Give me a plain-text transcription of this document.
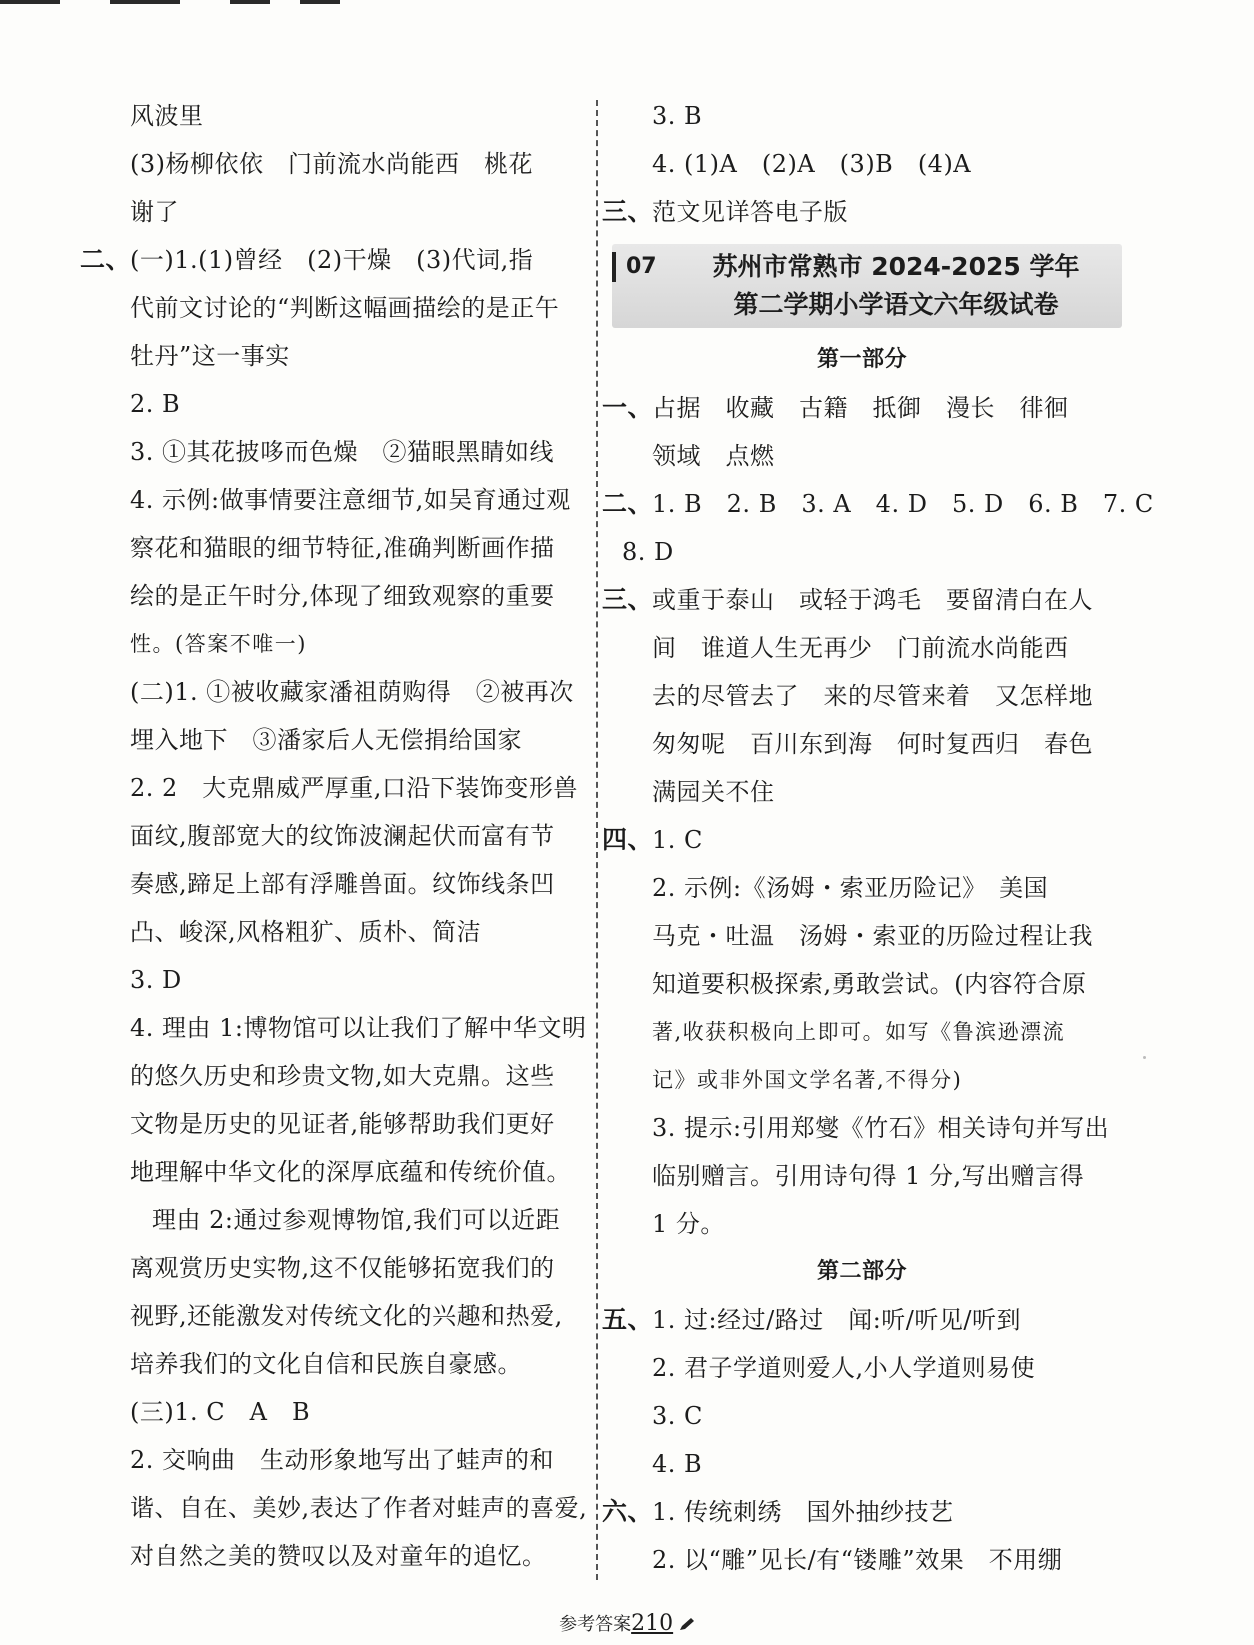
风波里
(3)杨柳依依　门前流水尚能西　桃花
谢了
二、(一)1.(1)曾经　(2)干燥　(3)代词,指
代前文讨论的“判断这幅画描绘的是正午
牡丹”这一事实
2. B
3. ①其花披哆而色燥　②猫眼黑睛如线
4. 示例:做事情要注意细节,如吴育通过观
察花和猫眼的细节特征,准确判断画作描
绘的是正午时分,体现了细致观察的重要
性。(答案不唯一)
(二)1. ①被收藏家潘祖荫购得　②被再次
埋入地下　③潘家后人无偿捐给国家
2. 2　大克鼎威严厚重,口沿下装饰变形兽
面纹,腹部宽大的纹饰波澜起伏而富有节
奏感,蹄足上部有浮雕兽面。纹饰线条凹
凸、峻深,风格粗犷、质朴、简洁
3. D
4. 理由 1:博物馆可以让我们了解中华文明
的悠久历史和珍贵文物,如大克鼎。这些
文物是历史的见证者,能够帮助我们更好
地理解中华文化的深厚底蕴和传统价值。
理由 2:通过参观博物馆,我们可以近距
离观赏历史实物,这不仅能够拓宽我们的
视野,还能激发对传统文化的兴趣和热爱,
培养我们的文化自信和民族自豪感。
(三)1. C　A　B
2. 交响曲　生动形象地写出了蛙声的和
谐、自在、美妙,表达了作者对蛙声的喜爱,
对自然之美的赞叹以及对童年的追忆。
3. B
4. (1)A　(2)A　(3)B　(4)A
三、范文见详答电子版
07	苏州市常熟市 2024-2025 学年
第二学期小学语文六年级试卷
第一部分
一、占据　收藏　古籍　抵御　漫长　徘徊
领域　点燃
二、1. B　2. B　3. A　4. D　5. D　6. B　7. C
8. D
三、或重于泰山　或轻于鸿毛　要留清白在人
间　谁道人生无再少　门前流水尚能西
去的尽管去了　来的尽管来着　又怎样地
匆匆呢　百川东到海　何时复西归　春色
满园关不住
四、1. C
2. 示例:《汤姆・索亚历险记》　美国
马克・吐温　汤姆・索亚的历险过程让我
知道要积极探索,勇敢尝试。(内容符合原
著,收获积极向上即可。如写《鲁滨逊漂流
记》或非外国文学名著,不得分)
3. 提示:引用郑燮《竹石》相关诗句并写出
临别赠言。引用诗句得 1 分,写出赠言得
1 分。
第二部分
五、1. 过:经过/路过　闻:听/听见/听到
2. 君子学道则爱人,小人学道则易使
3. C
4. B
六、1. 传统刺绣　国外抽纱技艺
2. 以“雕”见长/有“镂雕”效果　不用绷
参考答案210
